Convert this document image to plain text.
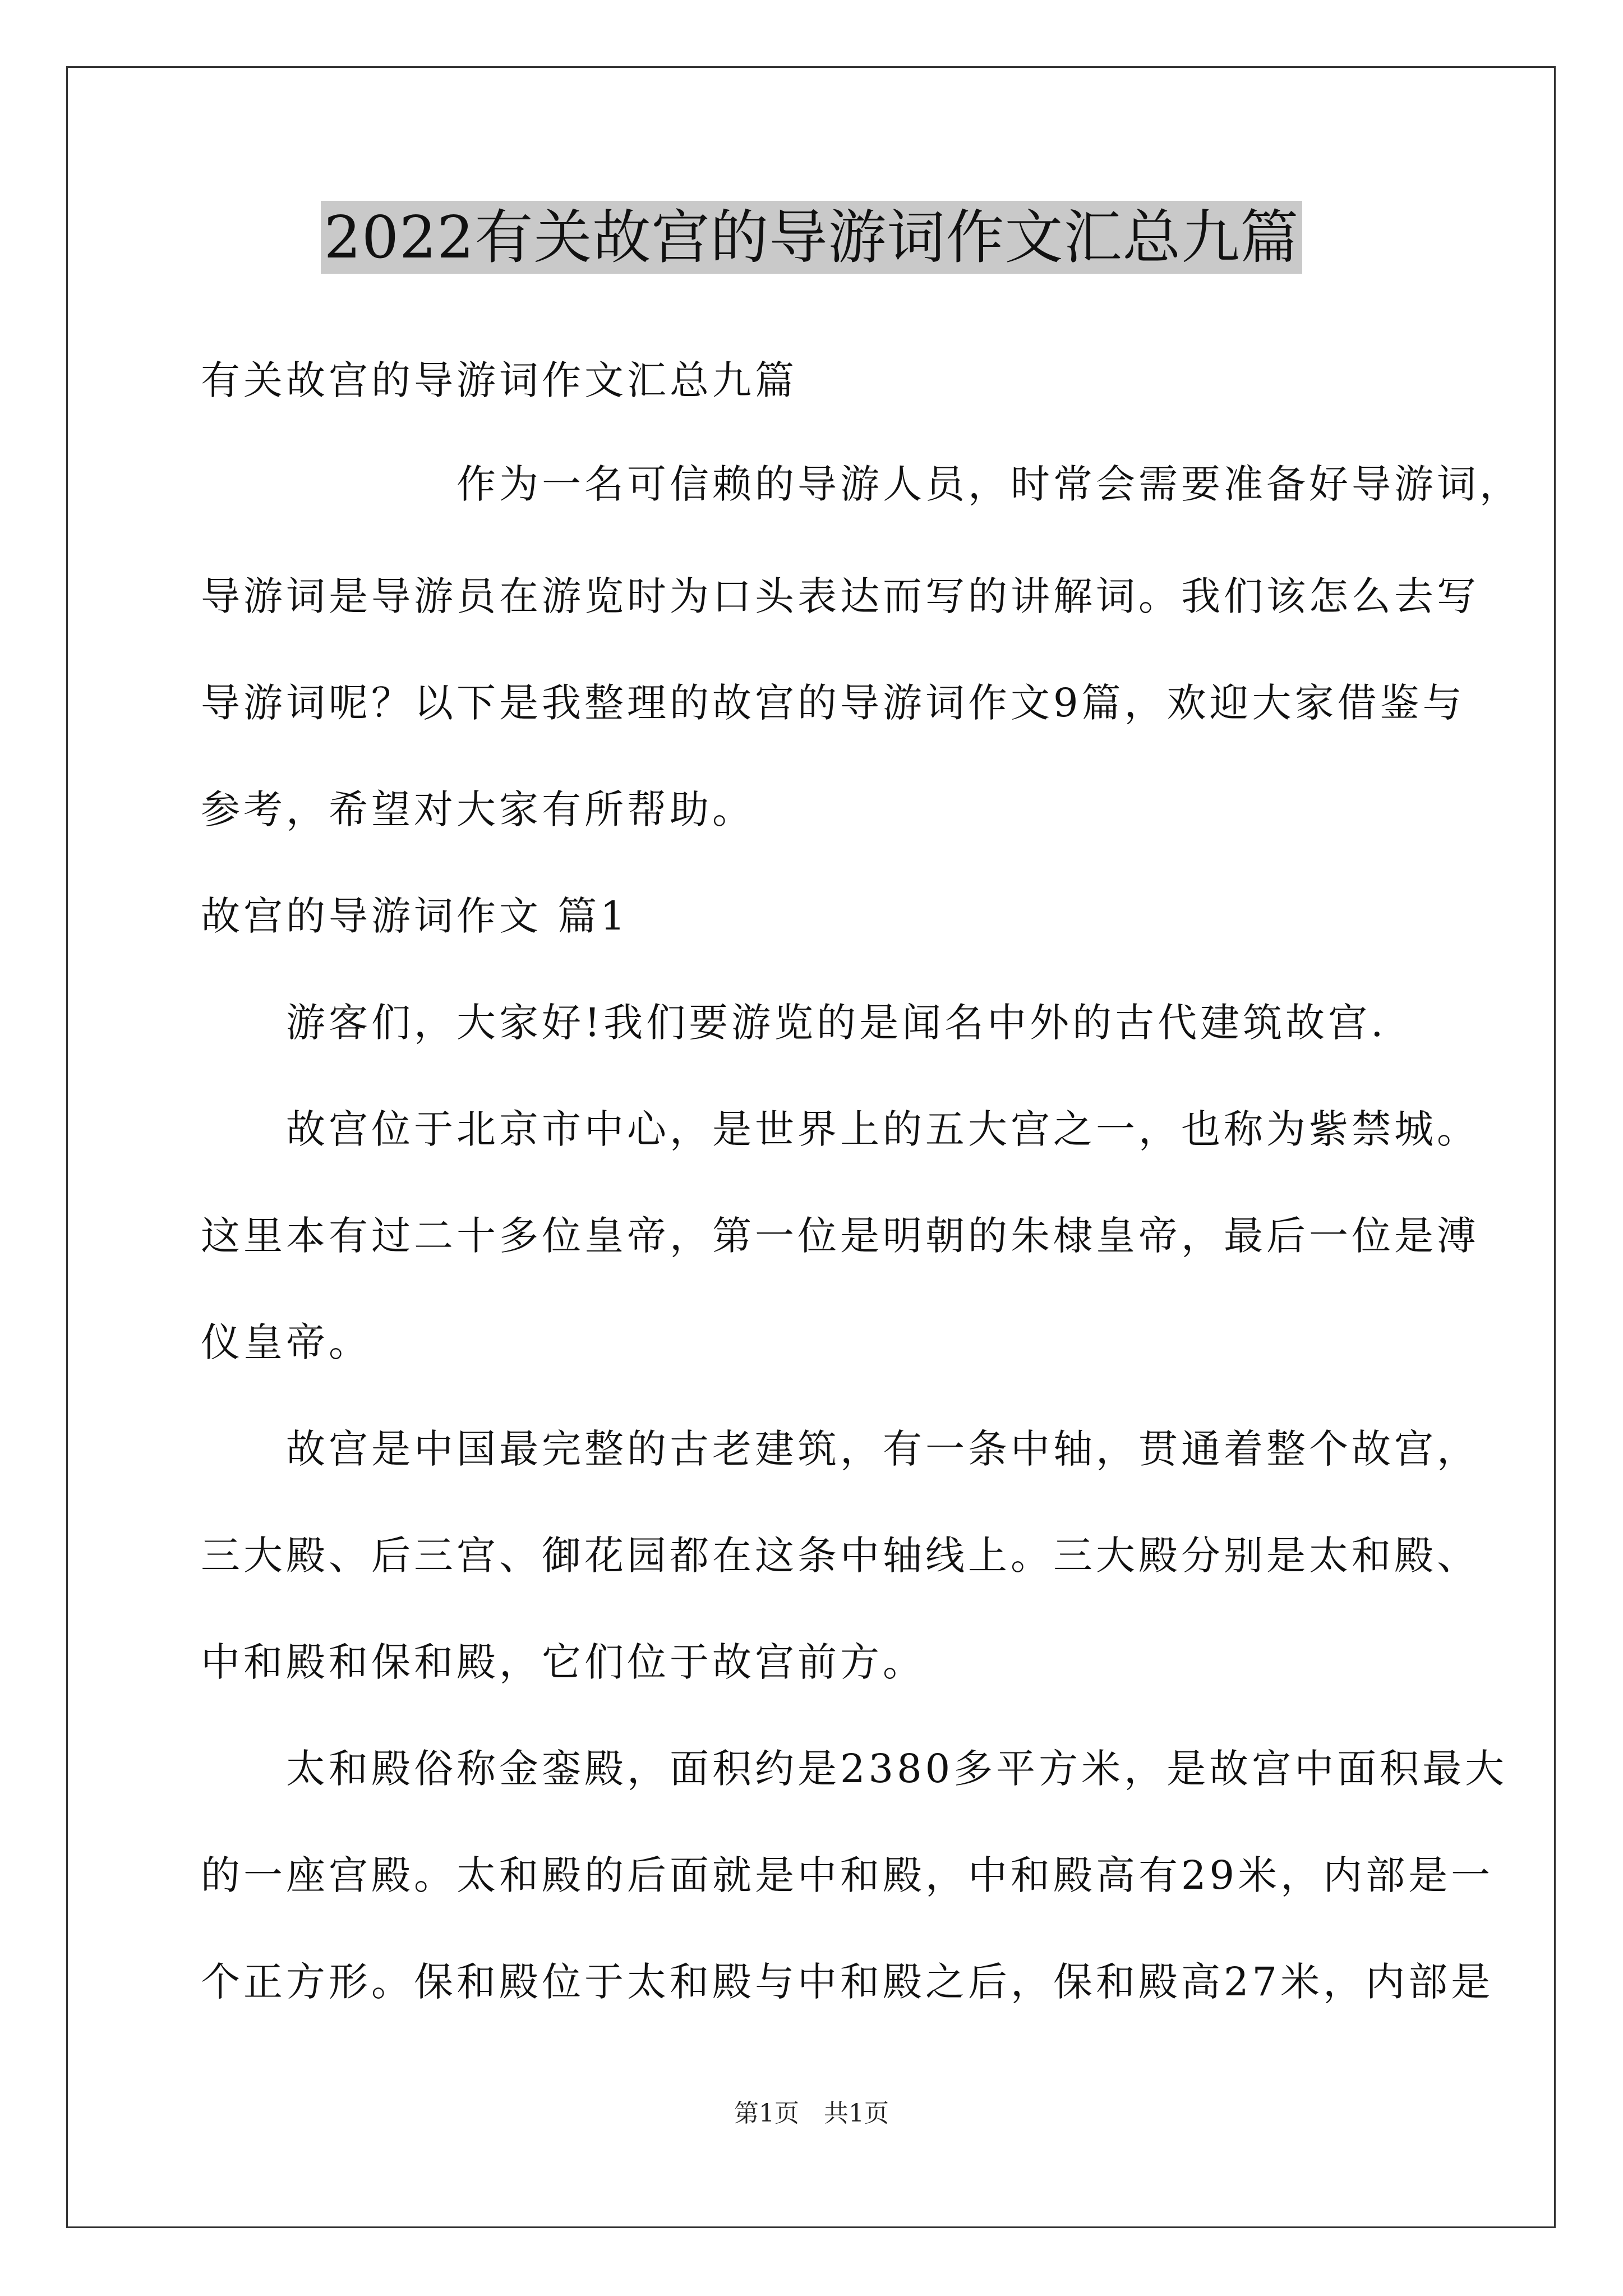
2022有关故宫的导游词作文汇总九篇
有关故宫的导游词作文汇总九篇
　　　　　　作为一名可信赖的导游人员，时常会需要准备好导游词，
导游词是导游员在游览时为口头表达而写的讲解词。我们该怎么去写
导游词呢？以下是我整理的故宫的导游词作文9篇，欢迎大家借鉴与
参考，希望对大家有所帮助。
故宫的导游词作文 篇1
　　游客们，大家好!我们要游览的是闻名中外的古代建筑故宫.
　　故宫位于北京市中心，是世界上的五大宫之一，也称为紫禁城。
这里本有过二十多位皇帝，第一位是明朝的朱棣皇帝，最后一位是溥
仪皇帝。
　　故宫是中国最完整的古老建筑，有一条中轴，贯通着整个故宫，
三大殿、后三宫、御花园都在这条中轴线上。三大殿分别是太和殿、
中和殿和保和殿，它们位于故宫前方。
　　太和殿俗称金銮殿，面积约是2380多平方米，是故宫中面积最大
的一座宫殿。太和殿的后面就是中和殿，中和殿高有29米，内部是一
个正方形。保和殿位于太和殿与中和殿之后，保和殿高27米，内部是
第1页　共1页
